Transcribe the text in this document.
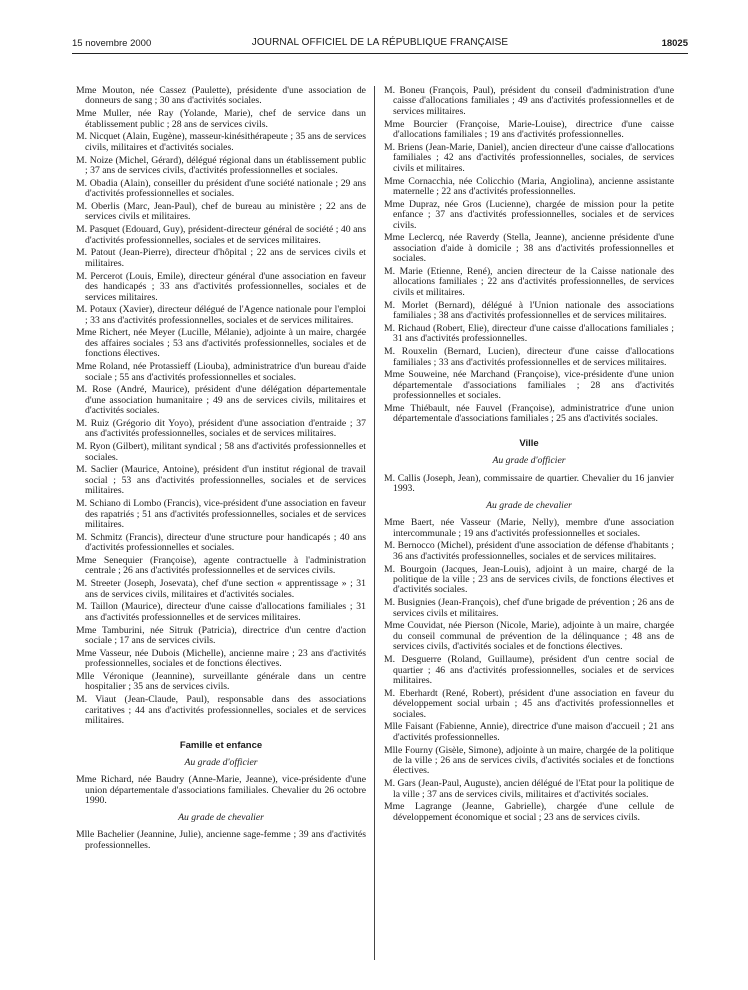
15 novembre 2000	JOURNAL OFFICIEL DE LA RÉPUBLIQUE FRANÇAISE	18025

Mme Mouton, née Cassez (Paulette), présidente d'une association de donneurs de sang ; 30 ans d'activités sociales.

Mme Muller, née Ray (Yolande, Marie), chef de service dans un établissement public ; 28 ans de services civils.

M. Nicquet (Alain, Eugène), masseur-kinésithérapeute ; 35 ans de services civils, militaires et d'activités sociales.

M. Noize (Michel, Gérard), délégué régional dans un établissement public ; 37 ans de services civils, d'activités professionnelles et sociales.

M. Obadia (Alain), conseiller du président d'une société nationale ; 29 ans d'activités professionnelles et sociales.

M. Oberlis (Marc, Jean-Paul), chef de bureau au ministère ; 22 ans de services civils et militaires.

M. Pasquet (Edouard, Guy), président-directeur général de société ; 40 ans d'activités professionnelles, sociales et de services militaires.

M. Patout (Jean-Pierre), directeur d'hôpital ; 22 ans de services civils et militaires.

M. Percerot (Louis, Emile), directeur général d'une association en faveur des handicapés ; 33 ans d'activités professionnelles, sociales et de services militaires.

M. Potaux (Xavier), directeur délégué de l'Agence nationale pour l'emploi ; 33 ans d'activités professionnelles, sociales et de services militaires.

Mme Richert, née Meyer (Lucille, Mélanie), adjointe à un maire, chargée des affaires sociales ; 53 ans d'activités professionnelles, sociales et de fonctions électives.

Mme Roland, née Protassieff (Liouba), administratrice d'un bureau d'aide sociale ; 55 ans d'activités professionnelles et sociales.

M. Rose (André, Maurice), président d'une délégation départementale d'une association humanitaire ; 49 ans de services civils, militaires et d'activités sociales.

M. Ruiz (Grégorio dit Yoyo), président d'une association d'entraide ; 37 ans d'activités professionnelles, sociales et de services militaires.

M. Ryon (Gilbert), militant syndical ; 58 ans d'activités professionnelles et sociales.

M. Saclier (Maurice, Antoine), président d'un institut régional de travail social ; 53 ans d'activités professionnelles, sociales et de services militaires.

M. Schiano di Lombo (Francis), vice-président d'une association en faveur des rapatriés ; 51 ans d'activités professionnelles, sociales et de services militaires.

M. Schmitz (Francis), directeur d'une structure pour handicapés ; 40 ans d'activités professionnelles et sociales.

Mme Senequier (Françoise), agente contractuelle à l'administration centrale ; 26 ans d'activités professionnelles et de services civils.

M. Streeter (Joseph, Josevata), chef d'une section « apprentissage » ; 31 ans de services civils, militaires et d'activités sociales.

M. Taillon (Maurice), directeur d'une caisse d'allocations familiales ; 31 ans d'activités professionnelles et de services militaires.

Mme Tamburini, née Sitruk (Patricia), directrice d'un centre d'action sociale ; 17 ans de services civils.

Mme Vasseur, née Dubois (Michelle), ancienne maire ; 23 ans d'activités professionnelles, sociales et de fonctions électives.

Mlle Véronique (Jeannine), surveillante générale dans un centre hospitalier ; 35 ans de services civils.

M. Viaut (Jean-Claude, Paul), responsable dans des associations caritatives ; 44 ans d'activités professionnelles, sociales et de services militaires.

Famille et enfance
Au grade d'officier

Mme Richard, née Baudry (Anne-Marie, Jeanne), vice-présidente d'une union départementale d'associations familiales. Chevalier du 26 octobre 1990.

Au grade de chevalier

Mlle Bachelier (Jeannine, Julie), ancienne sage-femme ; 39 ans d'activités professionnelles.

M. Boneu (François, Paul), président du conseil d'administration d'une caisse d'allocations familiales ; 49 ans d'activités professionnelles et de services militaires.

Mme Bourcier (Françoise, Marie-Louise), directrice d'une caisse d'allocations familiales ; 19 ans d'activités professionnelles.

M. Briens (Jean-Marie, Daniel), ancien directeur d'une caisse d'allocations familiales ; 42 ans d'activités professionnelles, sociales, de services civils et militaires.

Mme Cornacchia, née Colicchio (Maria, Angiolina), ancienne assistante maternelle ; 22 ans d'activités professionnelles.

Mme Dupraz, née Gros (Lucienne), chargée de mission pour la petite enfance ; 37 ans d'activités professionnelles, sociales et de services civils.

Mme Leclercq, née Raverdy (Stella, Jeanne), ancienne présidente d'une association d'aide à domicile ; 38 ans d'activités professionnelles et sociales.

M. Marie (Etienne, René), ancien directeur de la Caisse nationale des allocations familiales ; 22 ans d'activités professionnelles, de services civils et militaires.

M. Morlet (Bernard), délégué à l'Union nationale des associations familiales ; 38 ans d'activités professionnelles et de services militaires.

M. Richaud (Robert, Elie), directeur d'une caisse d'allocations familiales ; 31 ans d'activités professionnelles.

M. Rouxelin (Bernard, Lucien), directeur d'une caisse d'allocations familiales ; 33 ans d'activités professionnelles et de services militaires.

Mme Souweine, née Marchand (Françoise), vice-présidente d'une union départementale d'associations familiales ; 28 ans d'activités professionnelles et sociales.

Mme Thiébault, née Fauvel (Françoise), administratrice d'une union départementale d'associations familiales ; 25 ans d'activités sociales.

Ville
Au grade d'officier

M. Callis (Joseph, Jean), commissaire de quartier. Chevalier du 16 janvier 1993.

Au grade de chevalier

Mme Baert, née Vasseur (Marie, Nelly), membre d'une association intercommunale ; 19 ans d'activités professionnelles et sociales.

M. Bernocco (Michel), président d'une association de défense d'habitants ; 36 ans d'activités professionnelles, sociales et de services militaires.

M. Bourgoin (Jacques, Jean-Louis), adjoint à un maire, chargé de la politique de la ville ; 23 ans de services civils, de fonctions électives et d'activités sociales.

M. Busignies (Jean-François), chef d'une brigade de prévention ; 26 ans de services civils et militaires.

Mme Couvidat, née Pierson (Nicole, Marie), adjointe à un maire, chargée du conseil communal de prévention de la délinquance ; 48 ans de services civils, d'activités sociales et de fonctions électives.

M. Desguerre (Roland, Guillaume), président d'un centre social de quartier ; 46 ans d'activités professionnelles, sociales et de services militaires.

M. Eberhardt (René, Robert), président d'une association en faveur du développement social urbain ; 45 ans d'activités professionnelles et sociales.

Mlle Faisant (Fabienne, Annie), directrice d'une maison d'accueil ; 21 ans d'activités professionnelles.

Mlle Fourny (Gisèle, Simone), adjointe à un maire, chargée de la politique de la ville ; 26 ans de services civils, d'activités sociales et de fonctions électives.

M. Gars (Jean-Paul, Auguste), ancien délégué de l'Etat pour la politique de la ville ; 37 ans de services civils, militaires et d'activités sociales.

Mme Lagrange (Jeanne, Gabrielle), chargée d'une cellule de développement économique et social ; 23 ans de services civils.
